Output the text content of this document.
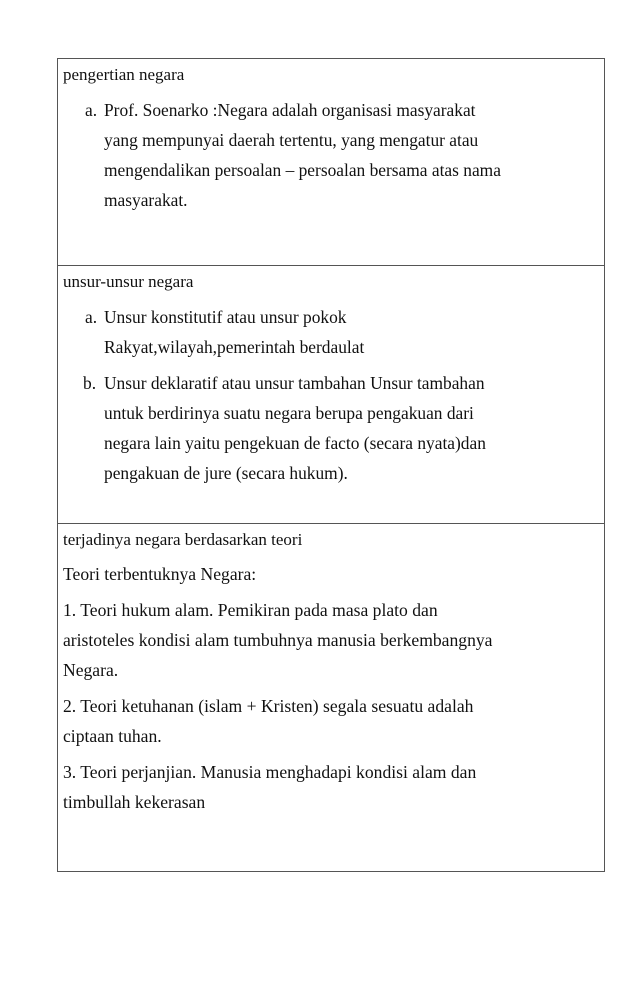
pengertian negara
a. Prof. Soenarko :Negara adalah organisasi masyarakat
yang mempunyai daerah tertentu, yang mengatur atau
mengendalikan persoalan – persoalan bersama atas nama
masyarakat.
unsur-unsur negara
a. Unsur konstitutif atau unsur pokok
Rakyat,wilayah,pemerintah berdaulat
b. Unsur deklaratif atau unsur tambahan Unsur tambahan
untuk berdirinya suatu negara berupa pengakuan dari
negara lain yaitu pengekuan de facto (secara nyata)dan
pengakuan de jure (secara hukum).
terjadinya negara berdasarkan teori
Teori terbentuknya Negara:
1. Teori hukum alam. Pemikiran pada masa plato dan
aristoteles kondisi alam tumbuhnya manusia berkembangnya
Negara.
2. Teori ketuhanan (islam + Kristen) segala sesuatu adalah
ciptaan tuhan.
3. Teori perjanjian. Manusia menghadapi kondisi alam dan
timbullah kekerasan
